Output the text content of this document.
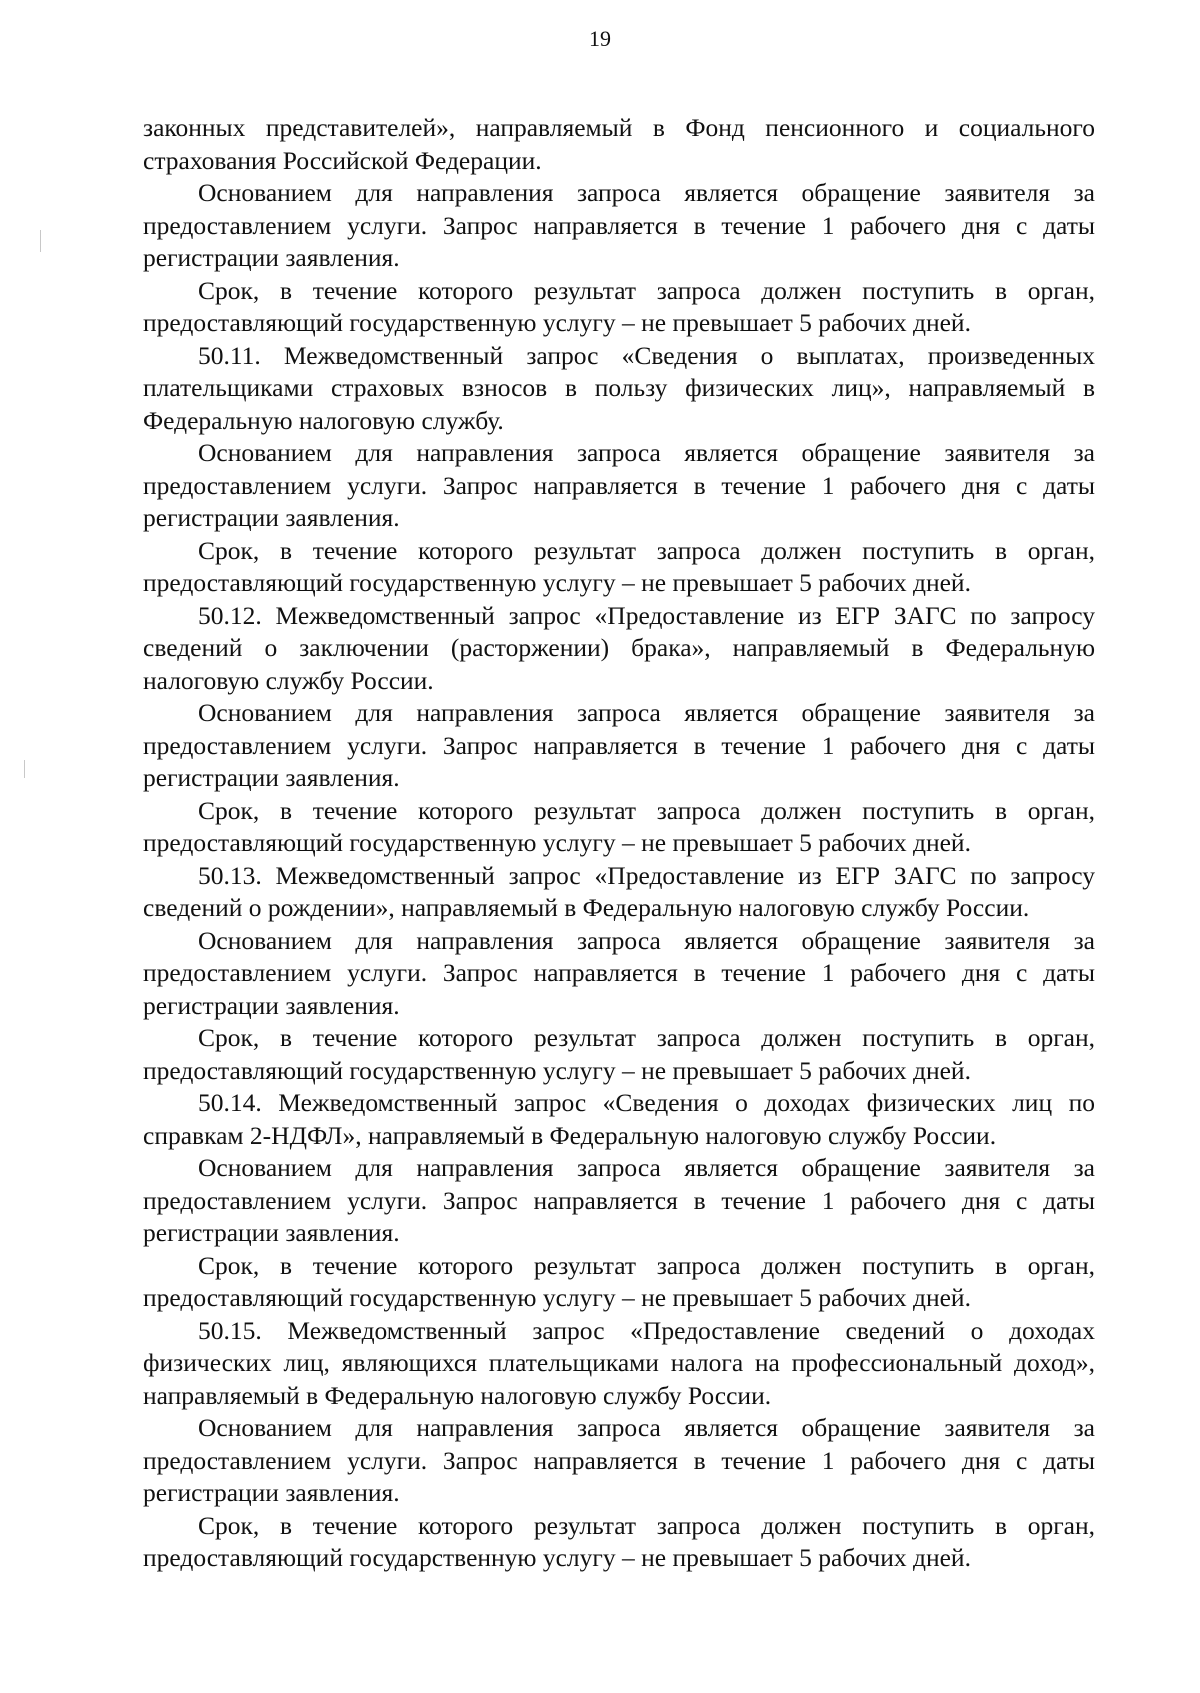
19

законных представителей», направляемый в Фонд пенсионного и социального страхования Российской Федерации.

Основанием для направления запроса является обращение заявителя за предоставлением услуги. Запрос направляется в течение 1 рабочего дня с даты регистрации заявления.

Срок, в течение которого результат запроса должен поступить в орган, предоставляющий государственную услугу – не превышает 5 рабочих дней.

50.11. Межведомственный запрос «Сведения о выплатах, произведенных плательщиками страховых взносов в пользу физических лиц», направляемый в Федеральную налоговую службу.

Основанием для направления запроса является обращение заявителя за предоставлением услуги. Запрос направляется в течение 1 рабочего дня с даты регистрации заявления.

Срок, в течение которого результат запроса должен поступить в орган, предоставляющий государственную услугу – не превышает 5 рабочих дней.

50.12. Межведомственный запрос «Предоставление из ЕГР ЗАГС по запросу сведений о заключении (расторжении) брака», направляемый в Федеральную налоговую службу России.

Основанием для направления запроса является обращение заявителя за предоставлением услуги. Запрос направляется в течение 1 рабочего дня с даты регистрации заявления.

Срок, в течение которого результат запроса должен поступить в орган, предоставляющий государственную услугу – не превышает 5 рабочих дней.

50.13. Межведомственный запрос «Предоставление из ЕГР ЗАГС по запросу сведений о рождении», направляемый в Федеральную налоговую службу России.

Основанием для направления запроса является обращение заявителя за предоставлением услуги. Запрос направляется в течение 1 рабочего дня с даты регистрации заявления.

Срок, в течение которого результат запроса должен поступить в орган, предоставляющий государственную услугу – не превышает 5 рабочих дней.

50.14. Межведомственный запрос «Сведения о доходах физических лиц по справкам 2-НДФЛ», направляемый в Федеральную налоговую службу России.

Основанием для направления запроса является обращение заявителя за предоставлением услуги. Запрос направляется в течение 1 рабочего дня с даты регистрации заявления.

Срок, в течение которого результат запроса должен поступить в орган, предоставляющий государственную услугу – не превышает 5 рабочих дней.

50.15. Межведомственный запрос «Предоставление сведений о доходах физических лиц, являющихся плательщиками налога на профессиональный доход», направляемый в Федеральную налоговую службу России.

Основанием для направления запроса является обращение заявителя за предоставлением услуги. Запрос направляется в течение 1 рабочего дня с даты регистрации заявления.

Срок, в течение которого результат запроса должен поступить в орган, предоставляющий государственную услугу – не превышает 5 рабочих дней.
